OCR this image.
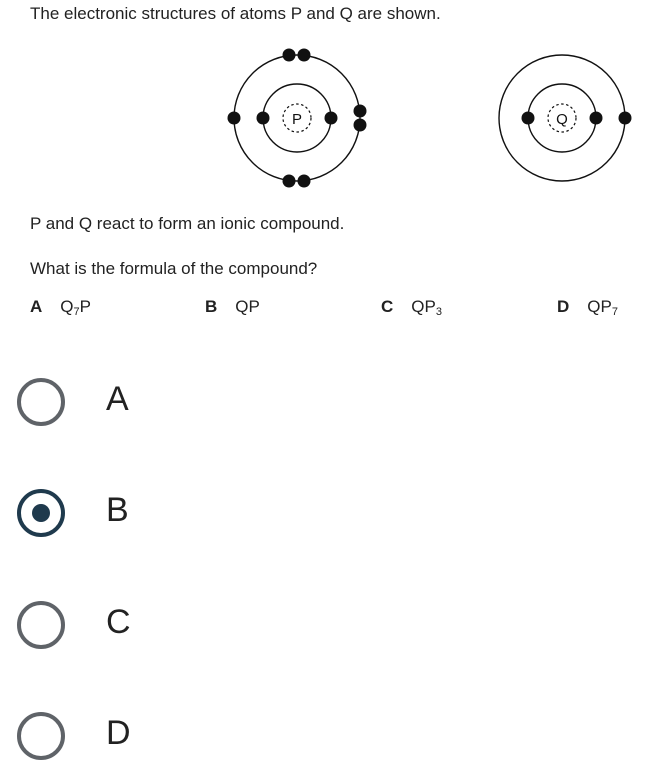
The electronic structures of atoms P and Q are shown.
P	Q
P and Q react to form an ionic compound.
What is the formula of the compound?
A $Q_7P$	B QP	C $QP_3$	D $QP_7$
A
B
C
D
